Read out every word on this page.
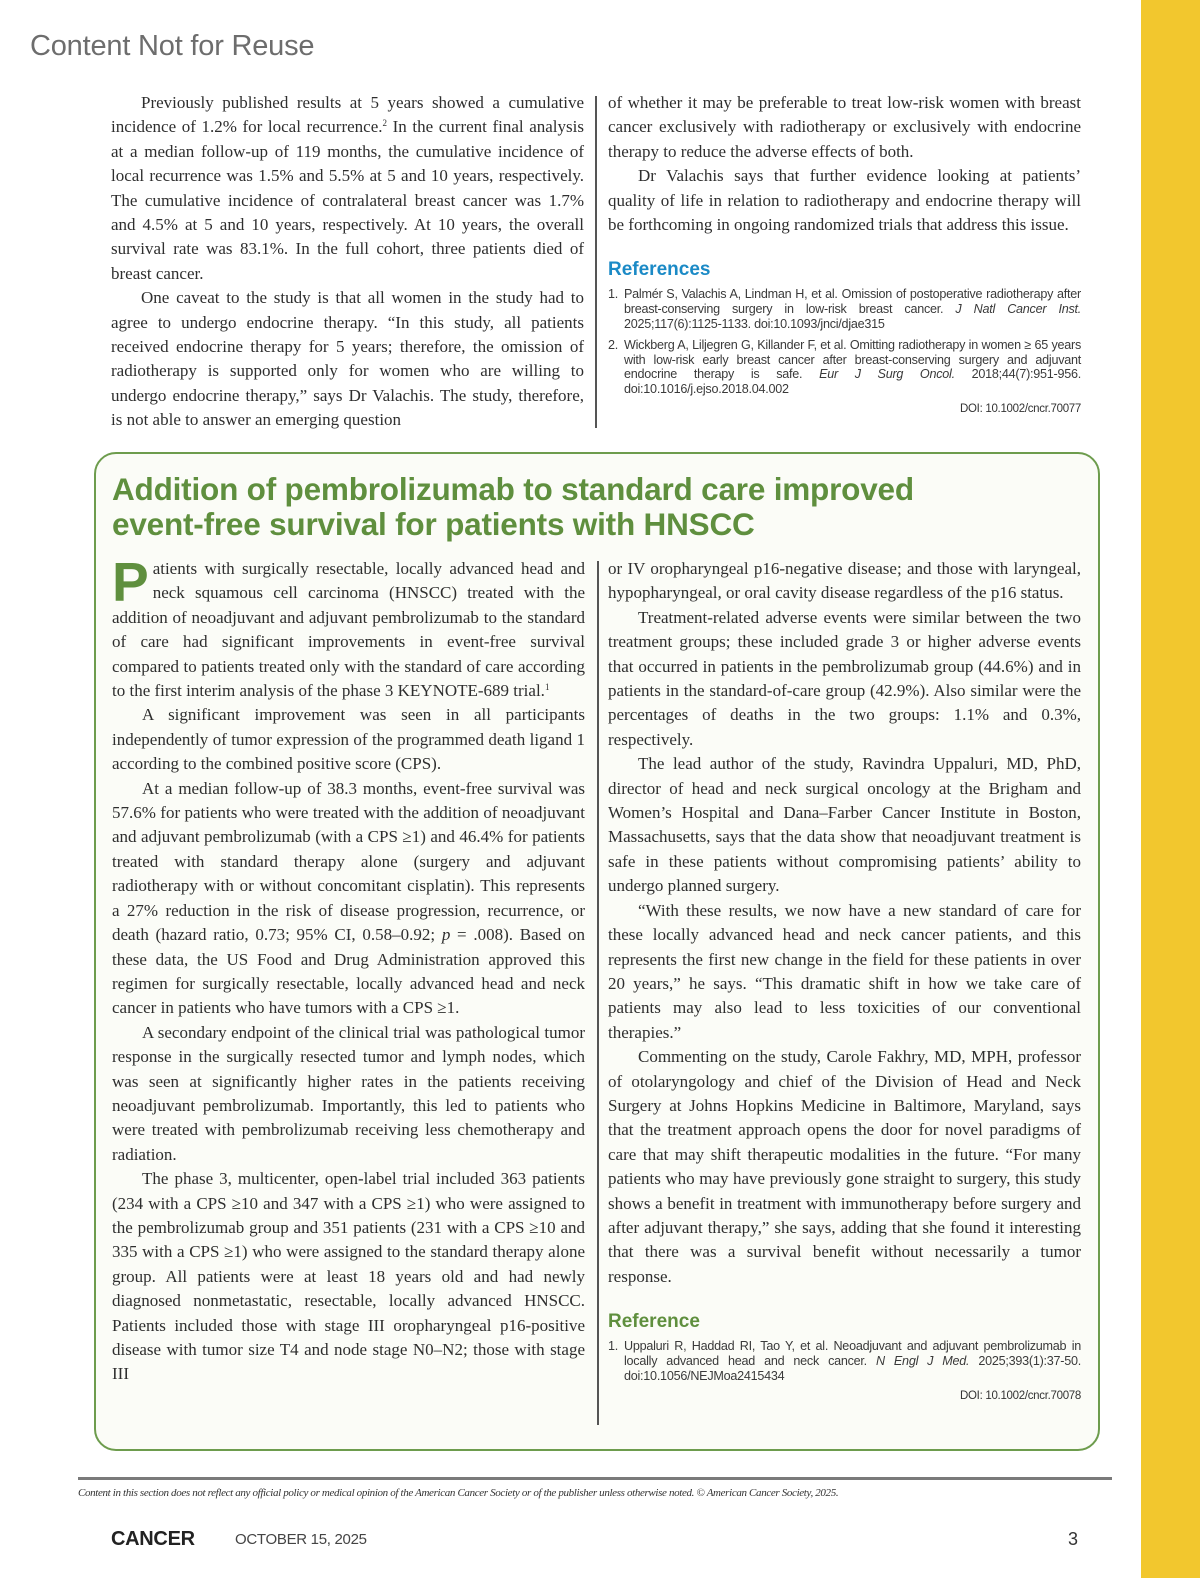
Content Not for Reuse

Previously published results at 5 years showed a cumulative incidence of 1.2% for local recurrence.$^2$ In the current final analysis at a median follow-up of 119 months, the cumulative incidence of local recurrence was 1.5% and 5.5% at 5 and 10 years, respectively. The cumulative incidence of contralateral breast cancer was 1.7% and 4.5% at 5 and 10 years, respectively. At 10 years, the overall survival rate was 83.1%. In the full cohort, three patients died of breast cancer.

One caveat to the study is that all women in the study had to agree to undergo endocrine therapy. “In this study, all patients received endocrine therapy for 5 years; therefore, the omission of radiotherapy is supported only for women who are willing to undergo endocrine therapy,” says Dr Valachis. The study, therefore, is not able to answer an emerging question

of whether it may be preferable to treat low-risk women with breast cancer exclusively with radiotherapy or exclusively with endocrine therapy to reduce the adverse effects of both.

Dr Valachis says that further evidence looking at patients’ quality of life in relation to radiotherapy and endocrine therapy will be forthcoming in ongoing randomized trials that address this issue.

References
1. Palmér S, Valachis A, Lindman H, et al. Omission of postoperative radiotherapy after breast-conserving surgery in low-risk breast cancer. J Natl Cancer Inst. 2025;117(6):1125-1133. doi:10.1093/jnci/djae315
2. Wickberg A, Liljegren G, Killander F, et al. Omitting radiotherapy in women ≥ 65 years with low-risk early breast cancer after breast-conserving surgery and adjuvant endocrine therapy is safe. Eur J Surg Oncol. 2018;44(7):951-956. doi:10.1016/j.ejso.2018.04.002
DOI: 10.1002/cncr.70077
Addition of pembrolizumab to standard care improved event-free survival for patients with HNSCC

Patients with surgically resectable, locally advanced head and neck squamous cell carcinoma (HNSCC) treated with the addition of neoadjuvant and adjuvant pembrolizumab to the standard of care had significant improvements in event-free survival compared to patients treated only with the standard of care according to the first interim analysis of the phase 3 KEYNOTE-689 trial.$^1$

A significant improvement was seen in all participants independently of tumor expression of the programmed death ligand 1 according to the combined positive score (CPS).

At a median follow-up of 38.3 months, event-free survival was 57.6% for patients who were treated with the addition of neoadjuvant and adjuvant pembrolizumab (with a CPS ≥1) and 46.4% for patients treated with standard therapy alone (surgery and adjuvant radiotherapy with or without concomitant cisplatin). This represents a 27% reduction in the risk of disease progression, recurrence, or death (hazard ratio, 0.73; 95% CI, 0.58–0.92; p = .008). Based on these data, the US Food and Drug Administration approved this regimen for surgically resectable, locally advanced head and neck cancer in patients who have tumors with a CPS ≥1.

A secondary endpoint of the clinical trial was pathological tumor response in the surgically resected tumor and lymph nodes, which was seen at significantly higher rates in the patients receiving neoadjuvant pembrolizumab. Importantly, this led to patients who were treated with pembrolizumab receiving less chemotherapy and radiation.

The phase 3, multicenter, open-label trial included 363 patients (234 with a CPS ≥10 and 347 with a CPS ≥1) who were assigned to the pembrolizumab group and 351 patients (231 with a CPS ≥10 and 335 with a CPS ≥1) who were assigned to the standard therapy alone group. All patients were at least 18 years old and had newly diagnosed nonmetastatic, resectable, locally advanced HNSCC. Patients included those with stage III oropharyngeal p16-positive disease with tumor size T4 and node stage N0–N2; those with stage III

or IV oropharyngeal p16-negative disease; and those with laryngeal, hypopharyngeal, or oral cavity disease regardless of the p16 status.

Treatment-related adverse events were similar between the two treatment groups; these included grade 3 or higher adverse events that occurred in patients in the pembrolizumab group (44.6%) and in patients in the standard-of-care group (42.9%). Also similar were the percentages of deaths in the two groups: 1.1% and 0.3%, respectively.

The lead author of the study, Ravindra Uppaluri, MD, PhD, director of head and neck surgical oncology at the Brigham and Women’s Hospital and Dana–Farber Cancer Institute in Boston, Massachusetts, says that the data show that neoadjuvant treatment is safe in these patients without compromising patients’ ability to undergo planned surgery.

“With these results, we now have a new standard of care for these locally advanced head and neck cancer patients, and this represents the first new change in the field for these patients in over 20 years,” he says. “This dramatic shift in how we take care of patients may also lead to less toxicities of our conventional therapies.”

Commenting on the study, Carole Fakhry, MD, MPH, professor of otolaryngology and chief of the Division of Head and Neck Surgery at Johns Hopkins Medicine in Baltimore, Maryland, says that the treatment approach opens the door for novel paradigms of care that may shift therapeutic modalities in the future. “For many patients who may have previously gone straight to surgery, this study shows a benefit in treatment with immunotherapy before surgery and after adjuvant therapy,” she says, adding that she found it interesting that there was a survival benefit without necessarily a tumor response.

Reference
1. Uppaluri R, Haddad RI, Tao Y, et al. Neoadjuvant and adjuvant pembrolizumab in locally advanced head and neck cancer. N Engl J Med. 2025;393(1):37-50. doi:10.1056/NEJMoa2415434
DOI: 10.1002/cncr.70078
Content in this section does not reflect any official policy or medical opinion of the American Cancer Society or of the publisher unless otherwise noted. © American Cancer Society, 2025.
CANCER	OCTOBER 15, 2025	3
